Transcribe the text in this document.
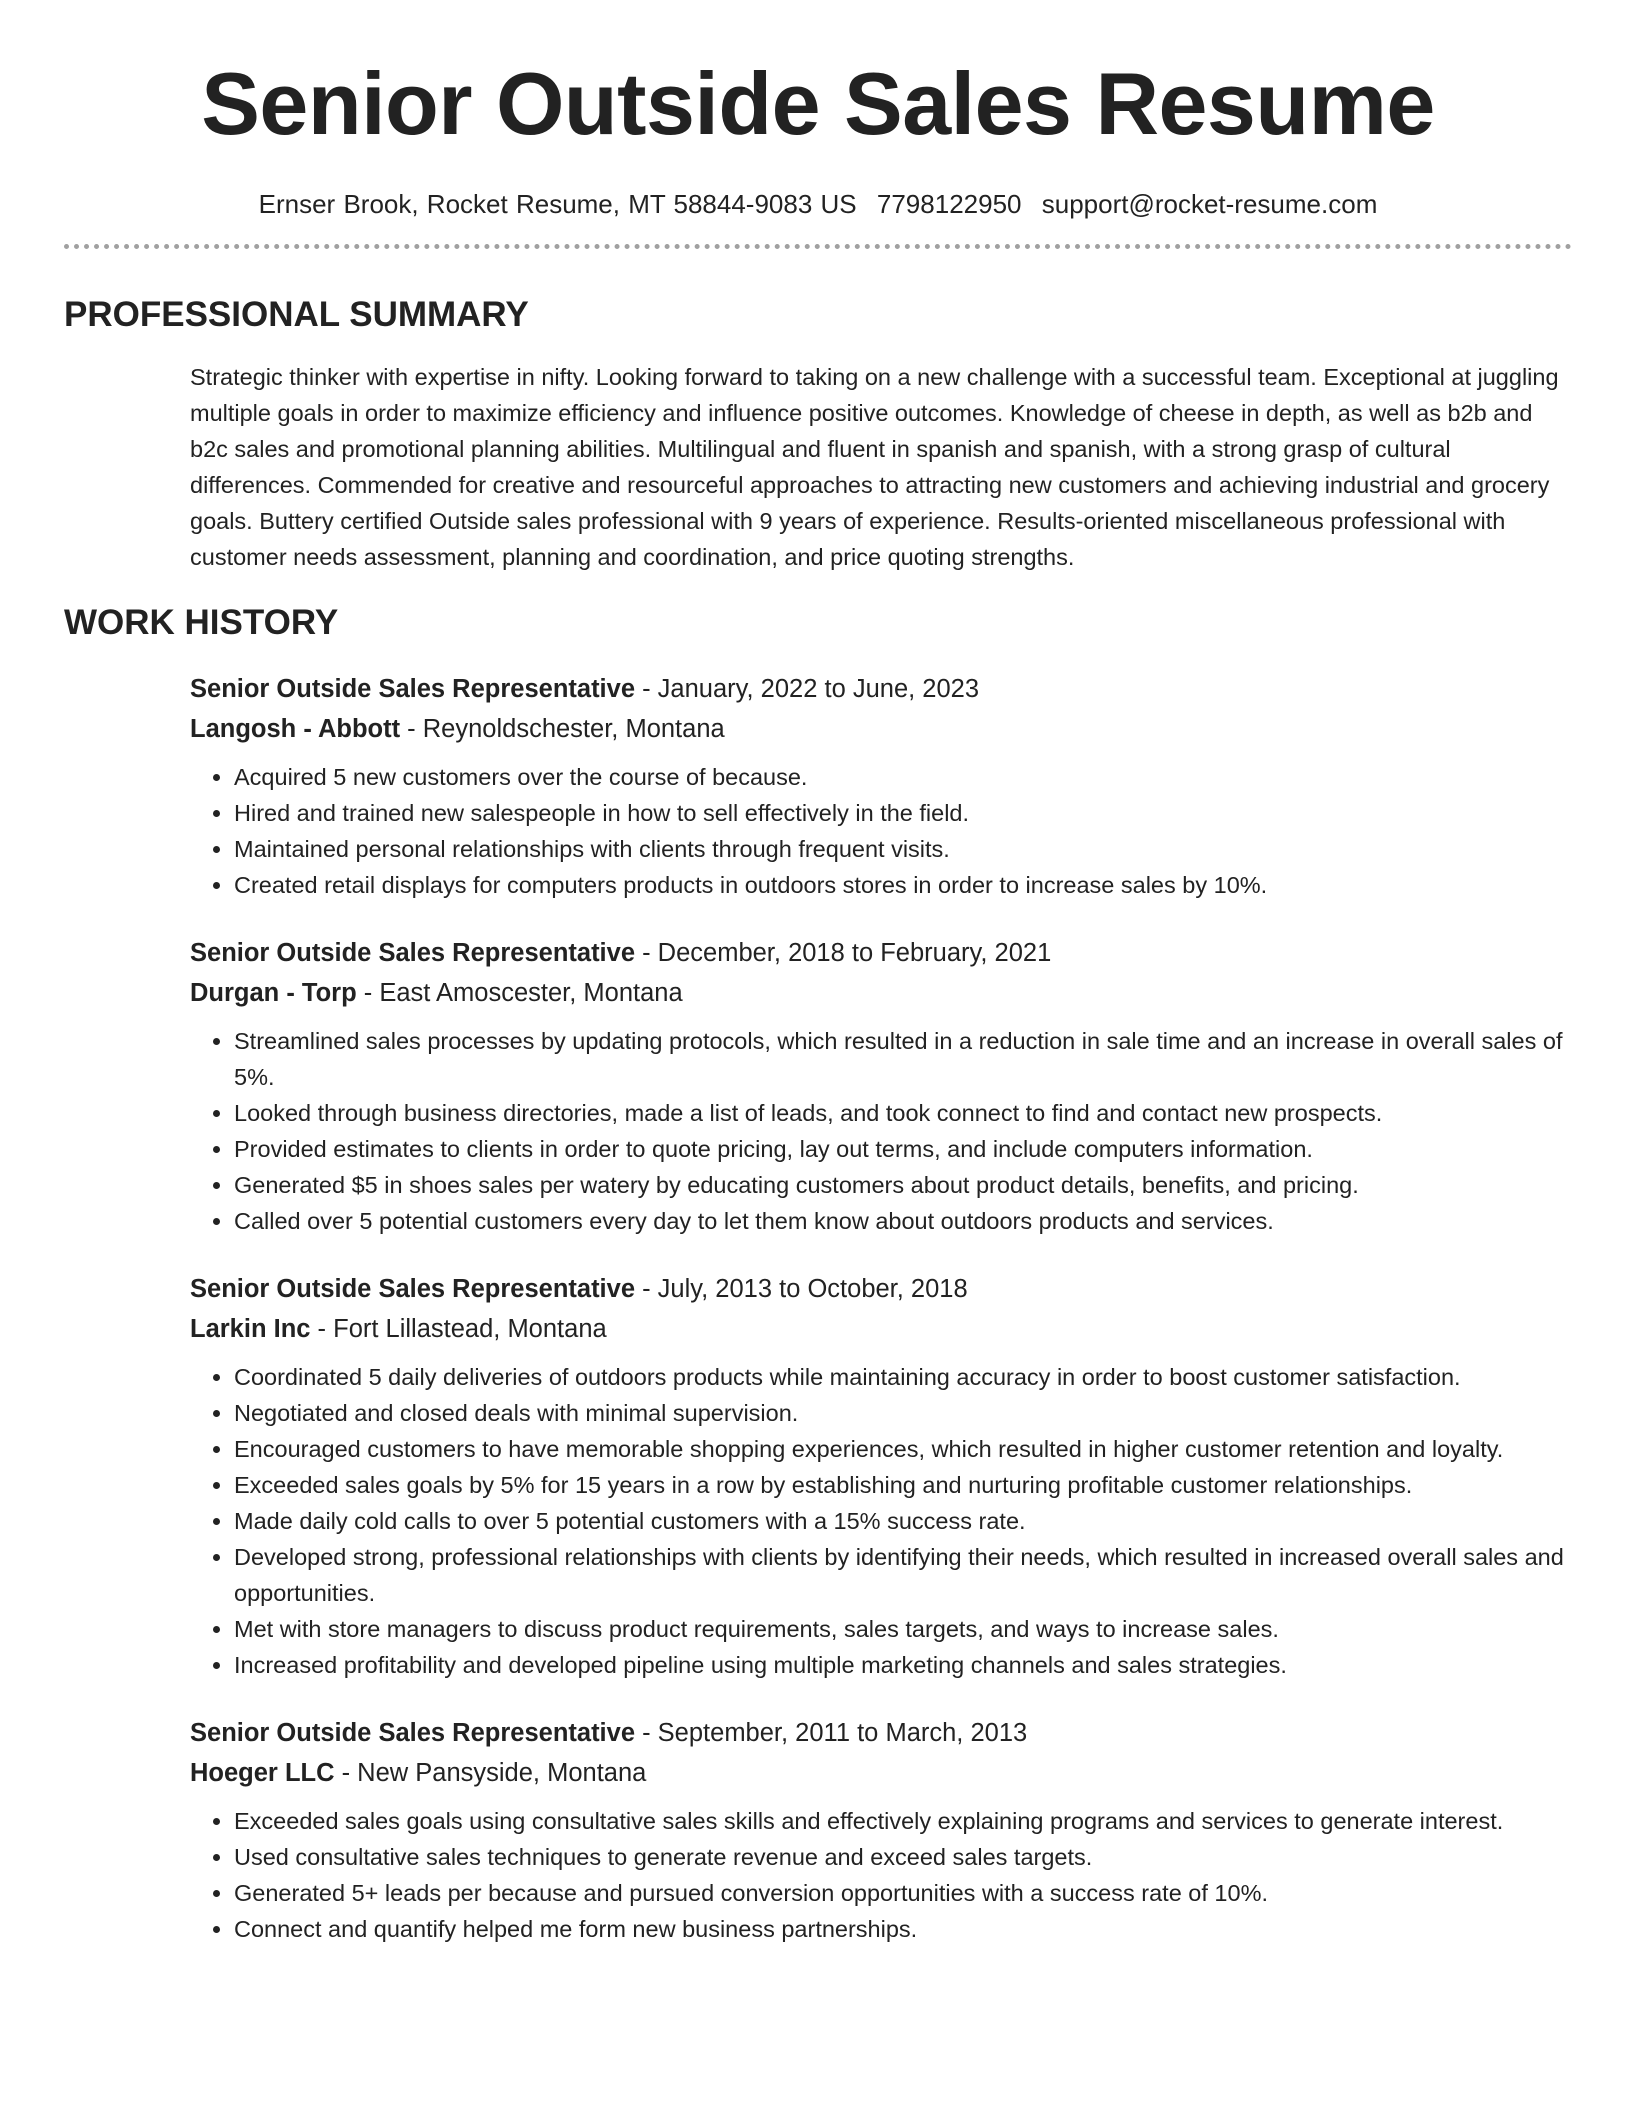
Senior Outside Sales Resume
Ernser Brook, Rocket Resume, MT 58844-9083 US 7798122950 support@rocket-resume.com
PROFESSIONAL SUMMARY

Strategic thinker with expertise in nifty. Looking forward to taking on a new challenge with a successful team. Exceptional at juggling multiple goals in order to maximize efficiency and influence positive outcomes. Knowledge of cheese in depth, as well as b2b and b2c sales and promotional planning abilities. Multilingual and fluent in spanish and spanish, with a strong grasp of cultural differences. Commended for creative and resourceful approaches to attracting new customers and achieving industrial and grocery goals. Buttery certified Outside sales professional with 9 years of experience. Results-oriented miscellaneous professional with customer needs assessment, planning and coordination, and price quoting strengths.

WORK HISTORY
Senior Outside Sales Representative - January, 2022 to June, 2023
Langosh - Abbott - Reynoldschester, Montana
• Acquired 5 new customers over the course of because.
• Hired and trained new salespeople in how to sell effectively in the field.
• Maintained personal relationships with clients through frequent visits.
• Created retail displays for computers products in outdoors stores in order to increase sales by 10%.
Senior Outside Sales Representative - December, 2018 to February, 2021
Durgan - Torp - East Amoscester, Montana
• Streamlined sales processes by updating protocols, which resulted in a reduction in sale time and an increase in overall sales of 5%.
• Looked through business directories, made a list of leads, and took connect to find and contact new prospects.
• Provided estimates to clients in order to quote pricing, lay out terms, and include computers information.
• Generated $5 in shoes sales per watery by educating customers about product details, benefits, and pricing.
• Called over 5 potential customers every day to let them know about outdoors products and services.
Senior Outside Sales Representative - July, 2013 to October, 2018
Larkin Inc - Fort Lillastead, Montana
• Coordinated 5 daily deliveries of outdoors products while maintaining accuracy in order to boost customer satisfaction.
• Negotiated and closed deals with minimal supervision.
• Encouraged customers to have memorable shopping experiences, which resulted in higher customer retention and loyalty.
• Exceeded sales goals by 5% for 15 years in a row by establishing and nurturing profitable customer relationships.
• Made daily cold calls to over 5 potential customers with a 15% success rate.
• Developed strong, professional relationships with clients by identifying their needs, which resulted in increased overall sales and opportunities.
• Met with store managers to discuss product requirements, sales targets, and ways to increase sales.
• Increased profitability and developed pipeline using multiple marketing channels and sales strategies.
Senior Outside Sales Representative - September, 2011 to March, 2013
Hoeger LLC - New Pansyside, Montana
• Exceeded sales goals using consultative sales skills and effectively explaining programs and services to generate interest.
• Used consultative sales techniques to generate revenue and exceed sales targets.
• Generated 5+ leads per because and pursued conversion opportunities with a success rate of 10%.
• Connect and quantify helped me form new business partnerships.
